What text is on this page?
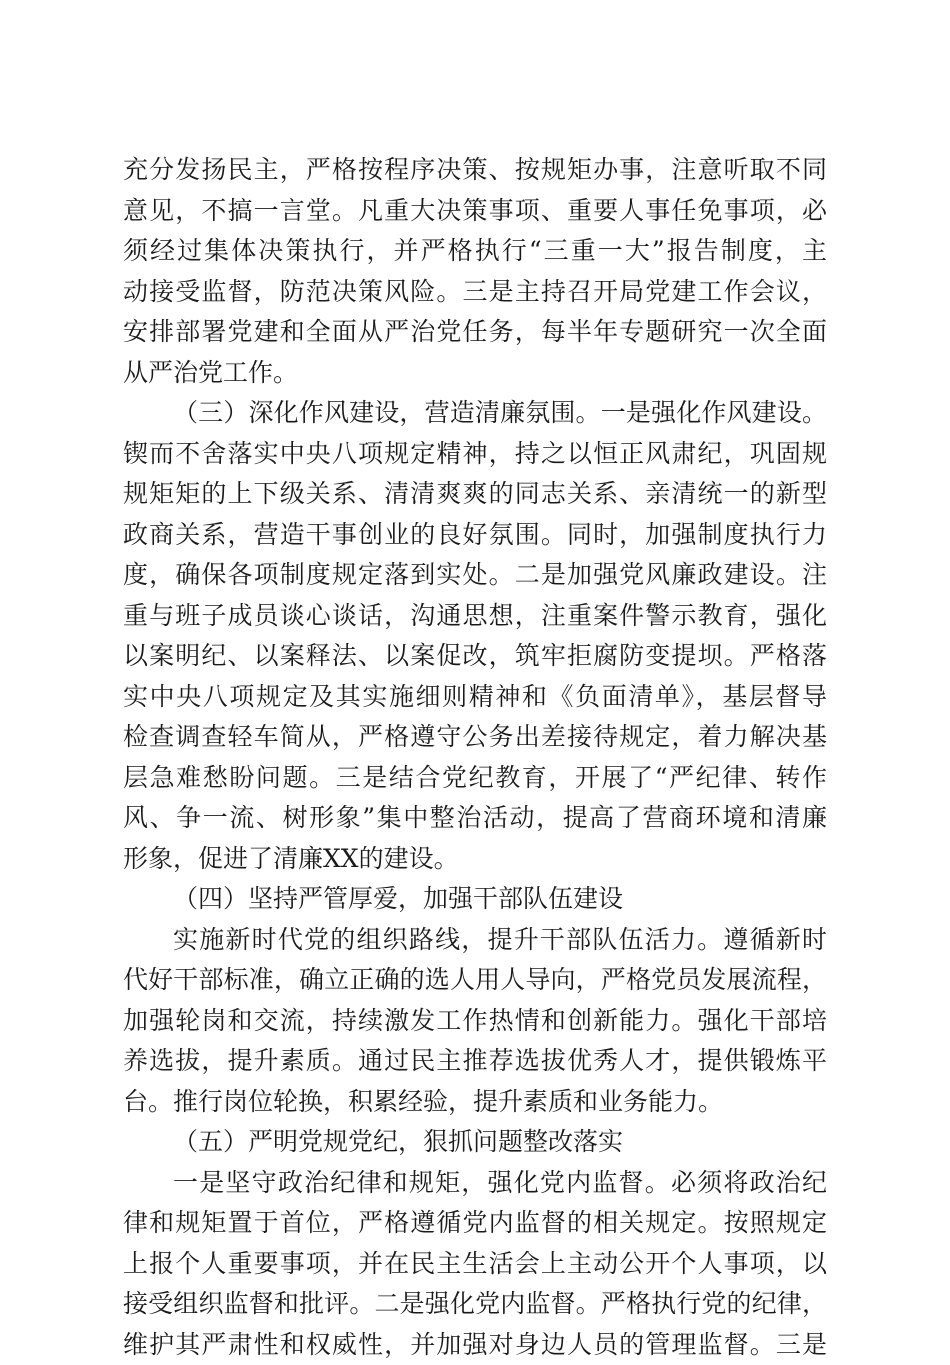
充分发扬民主，严格按程序决策、按规矩办事，注意听取不同
意见，不搞一言堂。凡重大决策事项、重要人事任免事项，必
须经过集体决策执行，并严格执行“三重一大”报告制度，主
动接受监督，防范决策风险。三是主持召开局党建工作会议，
安排部署党建和全面从严治党任务，每半年专题研究一次全面
从严治党工作。
（三）深化作风建设，营造清廉氛围。一是强化作风建设。
锲而不舍落实中央八项规定精神，持之以恒正风肃纪，巩固规
规矩矩的上下级关系、清清爽爽的同志关系、亲清统一的新型
政商关系，营造干事创业的良好氛围。同时，加强制度执行力
度，确保各项制度规定落到实处。二是加强党风廉政建设。注
重与班子成员谈心谈话，沟通思想，注重案件警示教育，强化
以案明纪、以案释法、以案促改，筑牢拒腐防变提坝。严格落
实中央八项规定及其实施细则精神和《负面清单》，基层督导
检查调查轻车简从，严格遵守公务出差接待规定，着力解决基
层急难愁盼问题。三是结合党纪教育，开展了“严纪律、转作
风、争一流、树形象”集中整治活动，提高了营商环境和清廉
形象，促进了清廉XX的建设。
（四）坚持严管厚爱，加强干部队伍建设
实施新时代党的组织路线，提升干部队伍活力。遵循新时
代好干部标准，确立正确的选人用人导向，严格党员发展流程，
加强轮岗和交流，持续激发工作热情和创新能力。强化干部培
养选拔，提升素质。通过民主推荐选拔优秀人才，提供锻炼平
台。推行岗位轮换，积累经验，提升素质和业务能力。
（五）严明党规党纪，狠抓问题整改落实
一是坚守政治纪律和规矩，强化党内监督。必须将政治纪
律和规矩置于首位，严格遵循党内监督的相关规定。按照规定
上报个人重要事项，并在民主生活会上主动公开个人事项，以
接受组织监督和批评。二是强化党内监督。严格执行党的纪律，
维护其严肃性和权威性，并加强对身边人员的管理监督。三是
